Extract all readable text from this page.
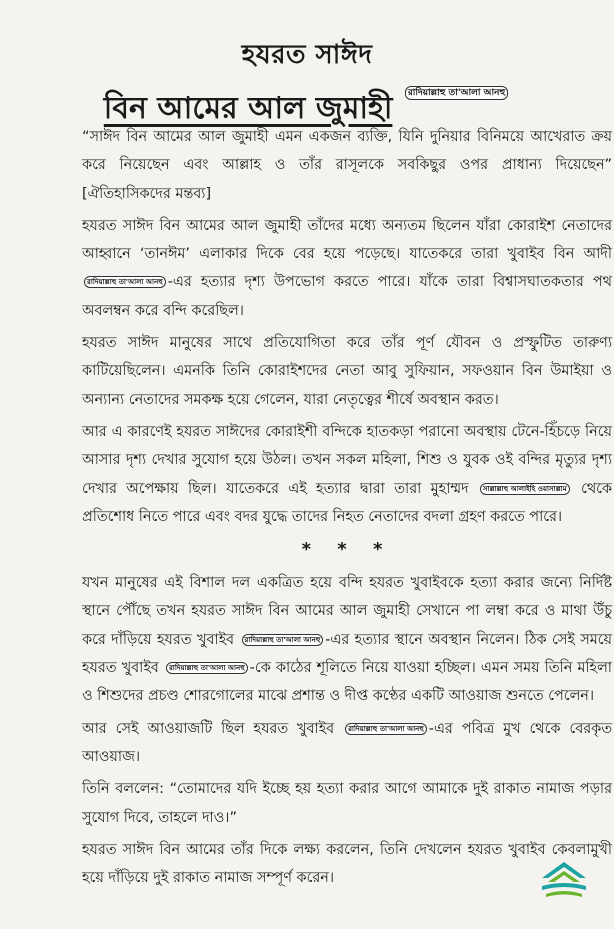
হযরত সাঈদ
বিন আমের আল জুমাহী রাদিয়াল্লাহু তা'আলা আনহু

“সাঈদ বিন আমের আল জুমাহী এমন একজন ব্যক্তি, যিনি দুনিয়ার বিনিময়ে আখেরাত ক্রয় করে নিয়েছেন এবং আল্লাহ ও তাঁর রাসূলকে সবকিছুর ওপর প্রাধান্য দিয়েছেন” [ঐতিহাসিকদের মন্তব্য]

হযরত সাঈদ বিন আমের আল জুমাহী তাঁদের মধ্যে অন্যতম ছিলেন যাঁরা কোরাইশ নেতাদের আহ্বানে ‘তানঈম’ এলাকার দিকে বের হয়ে পড়েছে। যাতেকরে তারা খুবাইব বিন আদী রাদিয়াল্লাহু তা'আলা আনহু -এর হত্যার দৃশ্য উপভোগ করতে পারে। যাঁকে তারা বিশ্বাসঘাতকতার পথ অবলম্বন করে বন্দি করেছিল।

হযরত সাঈদ মানুষের সাথে প্রতিযোগিতা করে তাঁর পূর্ণ যৌবন ও প্রস্ফুটিত তারুণ্য কাটিয়েছিলেন। এমনকি তিনি কোরাইশদের নেতা আবু সুফিয়ান, সফওয়ান বিন উমাইয়া ও অন্যান্য নেতাদের সমকক্ষ হয়ে গেলেন, যারা নেতৃত্বের শীর্ষে অবস্থান করত।

আর এ কারণেই হযরত সাঈদের কোরাইশী বন্দিকে হাতকড়া পরানো অবস্থায় টেনে-হিঁচড়ে নিয়ে আসার দৃশ্য দেখার সুযোগ হয়ে উঠল। তখন সকল মহিলা, শিশু ও যুবক ওই বন্দির মৃত্যুর দৃশ্য দেখার অপেক্ষায় ছিল। যাতেকরে এই হত্যার দ্বারা তারা মুহাম্মদ সাল্লাল্লাহু আলাইহি ওয়াসাল্লাম থেকে প্রতিশোধ নিতে পারে এবং বদর যুদ্ধে তাদের নিহত নেতাদের বদলা গ্রহণ করতে পারে।

* * *

যখন মানুষের এই বিশাল দল একত্রিত হয়ে বন্দি হযরত খুবাইবকে হত্যা করার জন্যে নির্দিষ্ট স্থানে পৌঁছে তখন হযরত সাঈদ বিন আমের আল জুমাহী সেখানে পা লম্বা করে ও মাথা উঁচু করে দাঁড়িয়ে হযরত খুবাইব রাদিয়াল্লাহু তা'আলা আনহু -এর হত্যার স্থানে অবস্থান নিলেন। ঠিক সেই সময়ে হযরত খুবাইব রাদিয়াল্লাহু তা'আলা আনহু -কে কাঠের শূলিতে নিয়ে যাওয়া হচ্ছিল। এমন সময় তিনি মহিলা ও শিশুদের প্রচণ্ড শোরগোলের মাঝে প্রশান্ত ও দীপ্ত কণ্ঠের একটি আওয়াজ শুনতে পেলেন।

আর সেই আওয়াজটি ছিল হযরত খুবাইব রাদিয়াল্লাহু তা'আলা আনহু -এর পবিত্র মুখ থেকে বেরকৃত আওয়াজ।

তিনি বললেন: “তোমাদের যদি ইচ্ছে হয় হত্যা করার আগে আমাকে দুই রাকাত নামাজ পড়ার সুযোগ দিবে, তাহলে দাও।”

হযরত সাঈদ বিন আমের তাঁর দিকে লক্ষ্য করলেন, তিনি দেখলেন হযরত খুবাইব কেবলামুখী হয়ে দাঁড়িয়ে দুই রাকাত নামাজ সম্পূর্ণ করেন।
